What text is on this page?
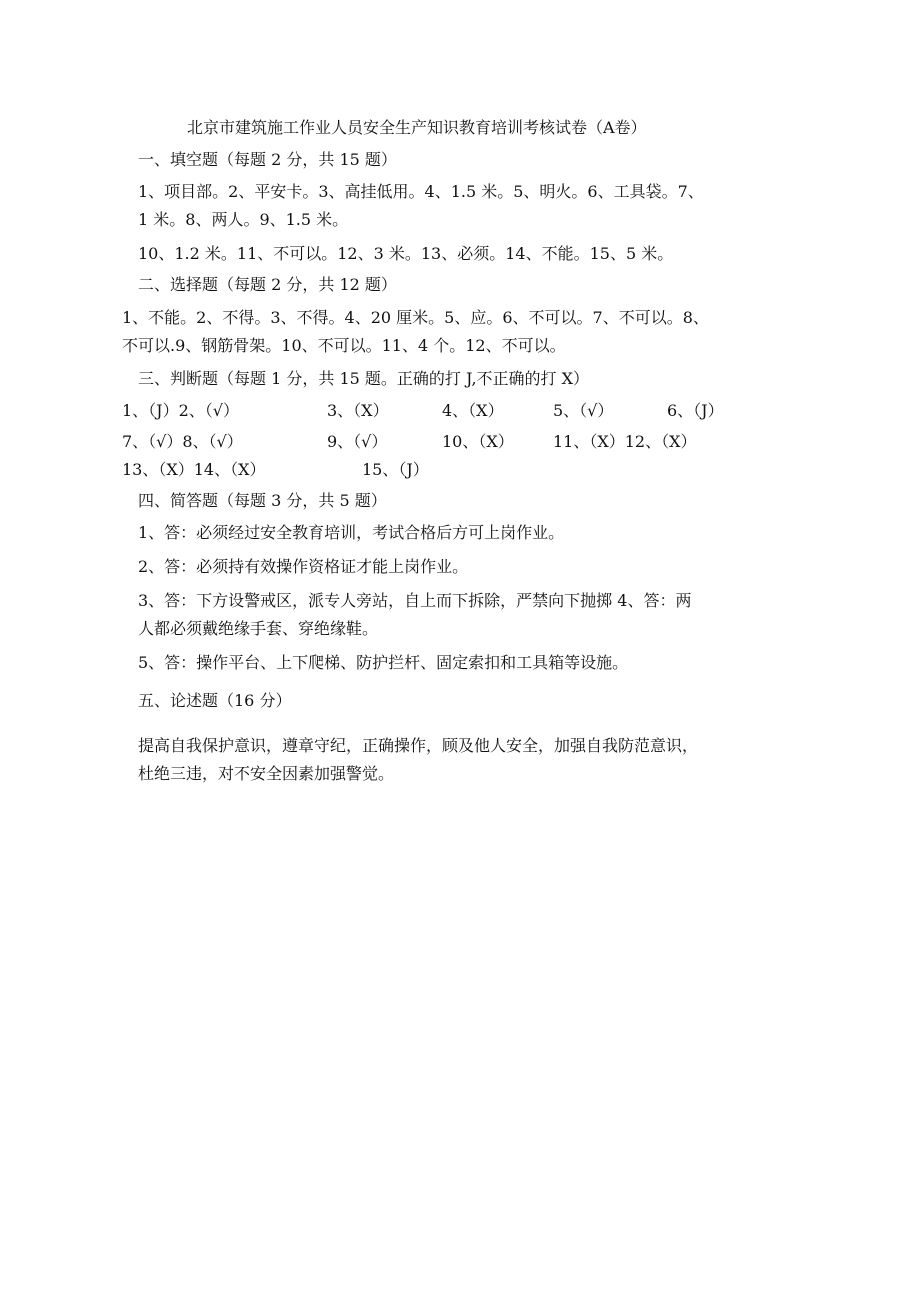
北京市建筑施工作业人员安全生产知识教育培训考核试卷（A卷）

一、填空题（每题 2 分，共 15 题）

1、项目部。2、平安卡。3、高挂低用。4、1.5 米。5、明火。6、工具袋。7、

1 米。8、两人。9、1.5 米。

10、1.2 米。11、不可以。12、3 米。13、必须。14、不能。15、5 米。

二、选择题（每题 2 分，共 12 题）

1、不能。2、不得。3、不得。4、20 厘米。5、应。6、不可以。7、不可以。8、

不可以.9、钢筋骨架。10、不可以。11、4 个。12、不可以。

三、判断题（每题 1 分，共 15 题。正确的打 J,不正确的打 X）

1、（J）2、（√）	3、（X）	4、（X）	5、（√）	6、（J）
7、（√）8、（√）	9、（√）	10、（X） 11、（X）12、（X）
13、（X）14、（X）	15、（J）

四、简答题（每题 3 分，共 5 题）

1、答：必须经过安全教育培训，考试合格后方可上岗作业。

2、答：必须持有效操作资格证才能上岗作业。

3、答：下方设警戒区，派专人旁站，自上而下拆除，严禁向下抛掷 4、答：两

人都必须戴绝缘手套、穿绝缘鞋。

5、答：操作平台、上下爬梯、防护拦杆、固定索扣和工具箱等设施。

五、论述题（16 分）

提高自我保护意识，遵章守纪，正确操作，顾及他人安全，加强自我防范意识，

杜绝三违，对不安全因素加强警觉。
